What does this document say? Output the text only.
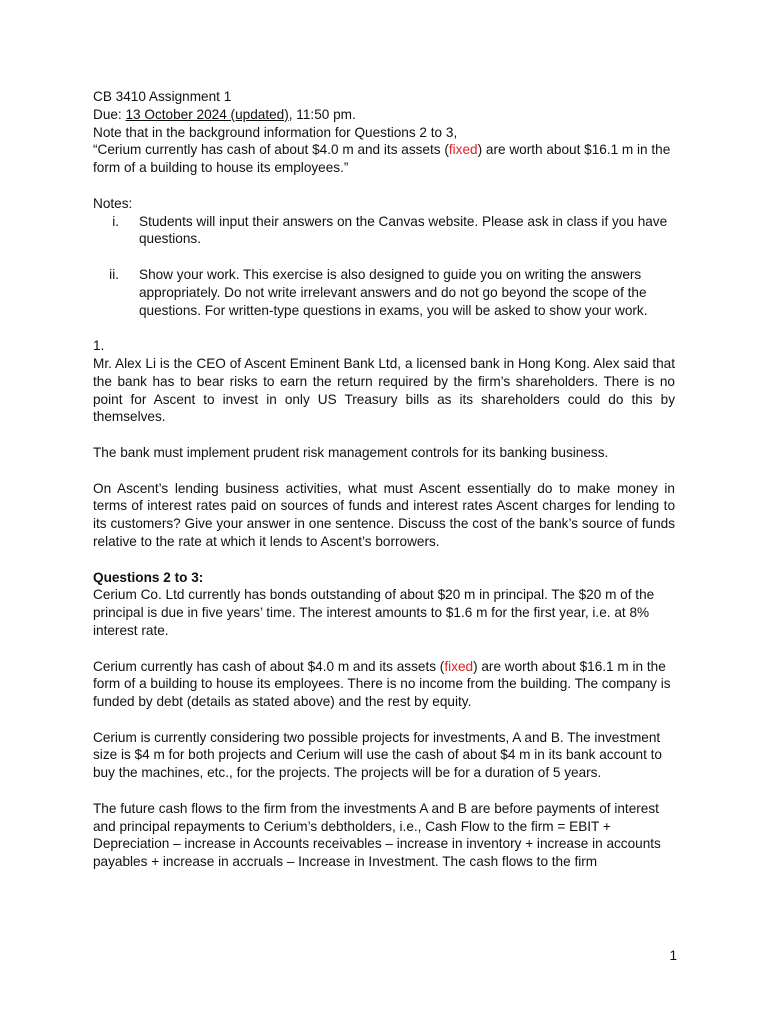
CB 3410 Assignment 1
Due: 13 October 2024 (updated), 11:50 pm.
Note that in the background information for Questions 2 to 3,
“Cerium currently has cash of about $4.0 m and its assets (fixed) are worth about $16.1 m in the form of a building to house its employees.”
Notes:
i. Students will input their answers on the Canvas website. Please ask in class if you have questions.
ii. Show your work. This exercise is also designed to guide you on writing the answers appropriately. Do not write irrelevant answers and do not go beyond the scope of the questions. For written-type questions in exams, you will be asked to show your work.
1.
Mr. Alex Li is the CEO of Ascent Eminent Bank Ltd, a licensed bank in Hong Kong. Alex said that the bank has to bear risks to earn the return required by the firm’s shareholders. There is no point for Ascent to invest in only US Treasury bills as its shareholders could do this by themselves.
The bank must implement prudent risk management controls for its banking business.
On Ascent’s lending business activities, what must Ascent essentially do to make money in terms of interest rates paid on sources of funds and interest rates Ascent charges for lending to its customers? Give your answer in one sentence. Discuss the cost of the bank’s source of funds relative to the rate at which it lends to Ascent’s borrowers.
Questions 2 to 3:
Cerium Co. Ltd currently has bonds outstanding of about $20 m in principal. The $20 m of the principal is due in five years’ time. The interest amounts to $1.6 m for the first year, i.e. at 8% interest rate.
Cerium currently has cash of about $4.0 m and its assets (fixed) are worth about $16.1 m in the form of a building to house its employees. There is no income from the building. The company is funded by debt (details as stated above) and the rest by equity.
Cerium is currently considering two possible projects for investments, A and B. The investment size is $4 m for both projects and Cerium will use the cash of about $4 m in its bank account to buy the machines, etc., for the projects. The projects will be for a duration of 5 years.
The future cash flows to the firm from the investments A and B are before payments of interest and principal repayments to Cerium’s debtholders, i.e., Cash Flow to the firm = EBIT + Depreciation – increase in Accounts receivables – increase in inventory + increase in accounts payables + increase in accruals – Increase in Investment. The cash flows to the firm
1
